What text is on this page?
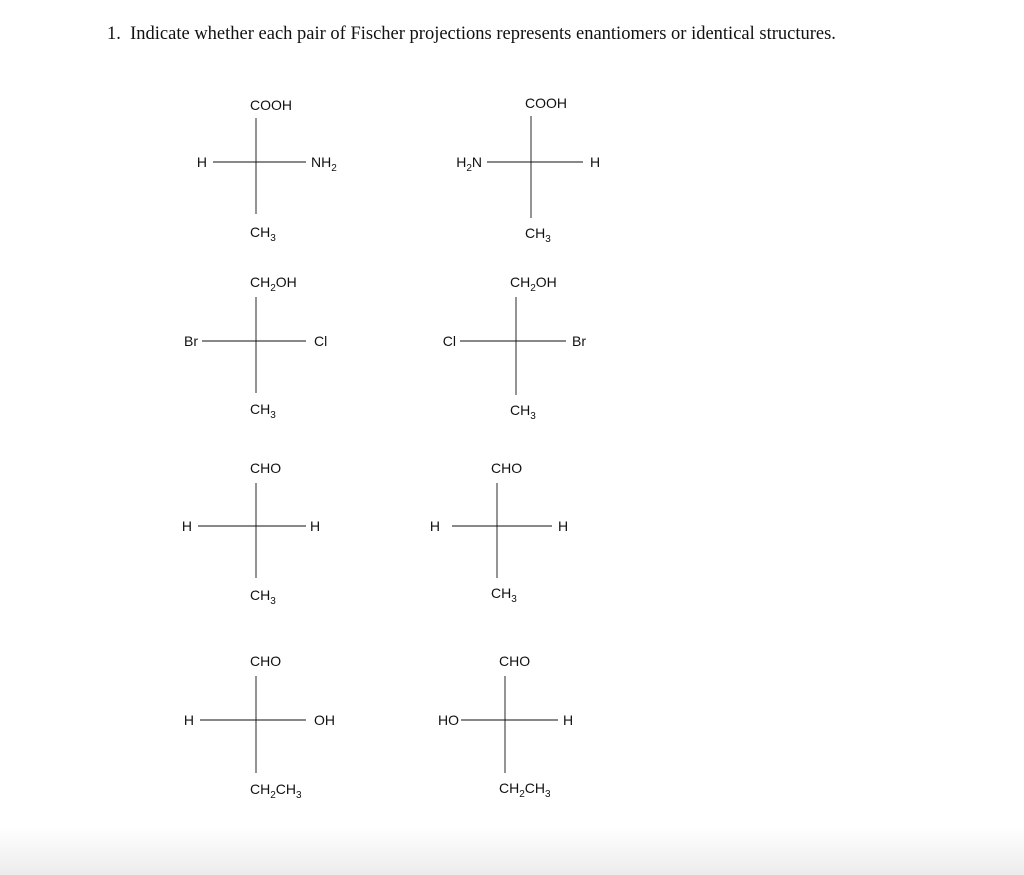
1. Indicate whether each pair of Fischer projections represents enantiomers or identical structures.
COOH
$CH_3$
H	$NH_2$
COOH
$CH_3$
$H_2N$	H
$CH_2OH$
$CH_3$
Br	Cl
$CH_2OH$
$CH_3$
Cl	Br
CHO
$CH_3$
H	H
CHO
$CH_3$
H	H
CHO
$CH_2CH_3$
H	OH
CHO
$CH_2CH_3$
HO	H
